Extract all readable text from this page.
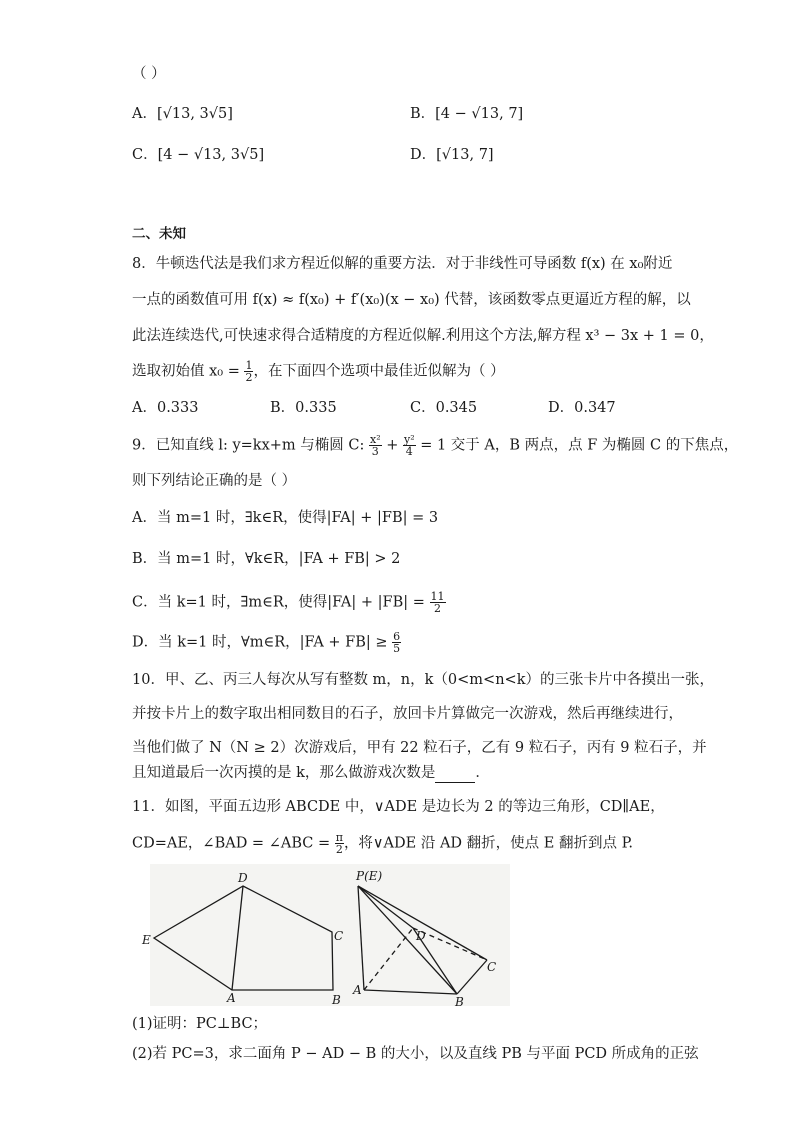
（ ）
A．[√13, 3√5]	B．[4 − √13, 7]
C．[4 − √13, 3√5]	D．[√13, 7]
二、未知
8．牛顿迭代法是我们求方程近似解的重要方法．对于非线性可导函数 f(x) 在 x₀附近
一点的函数值可用 f(x) ≈ f(x₀) + f′(x₀)(x − x₀) 代替，该函数零点更逼近方程的解，以
此法连续迭代,可快速求得合适精度的方程近似解.利用这个方法,解方程 x³ − 3x + 1 = 0，
选取初始值 $x_0 = \frac{1}{2}$ ，在下面四个选项中最佳近似解为（ ）
A．0.333	B．0.335	C．0.345	D．0.347
9．已知直线 l: y=kx+m 与椭圆 C: $\frac{\text{x²}}{3} + \frac{\text{y²}}{4} = 1$ 交于 A，B 两点，点 F 为椭圆 C 的下焦点，
则下列结论正确的是（ ）
A．当 m=1 时，∃k∈R，使得|FA| + |FB| = 3
B．当 m=1 时，∀k∈R，|FA + FB| > 2
C．当 k=1 时，∃m∈R，使得$|FA| + |FB| = \frac{11}{2}$
D．当 k=1 时，∀m∈R，$|FA + FB| \ge \frac{6}{5}$
10．甲、乙、丙三人每次从写有整数 m，n，k（0<m<n<k）的三张卡片中各摸出一张，
并按卡片上的数字取出相同数目的石子，放回卡片算做完一次游戏，然后再继续进行，
当他们做了 N（N ≥ 2）次游戏后，甲有 22 粒石子，乙有 9 粒石子，丙有 9 粒石子，并
且知道最后一次丙摸的是 k，那么做游戏次数是	．
11．如图，平面五边形 ABCDE 中，∨ADE 是边长为 2 的等边三角形，CD∥AE，
CD=AE，∠BAD = ∠ABC = $\frac{\pi}{2}$ ，将∨ADE 沿 AD 翻折，使点 E 翻折到点 P.
D
E	C
A	B
P(E)
D
C
A
B
(1)证明：PC⊥BC；
(2)若 PC=3，求二面角 P − AD − B 的大小，以及直线 PB 与平面 PCD 所成角的正弦
